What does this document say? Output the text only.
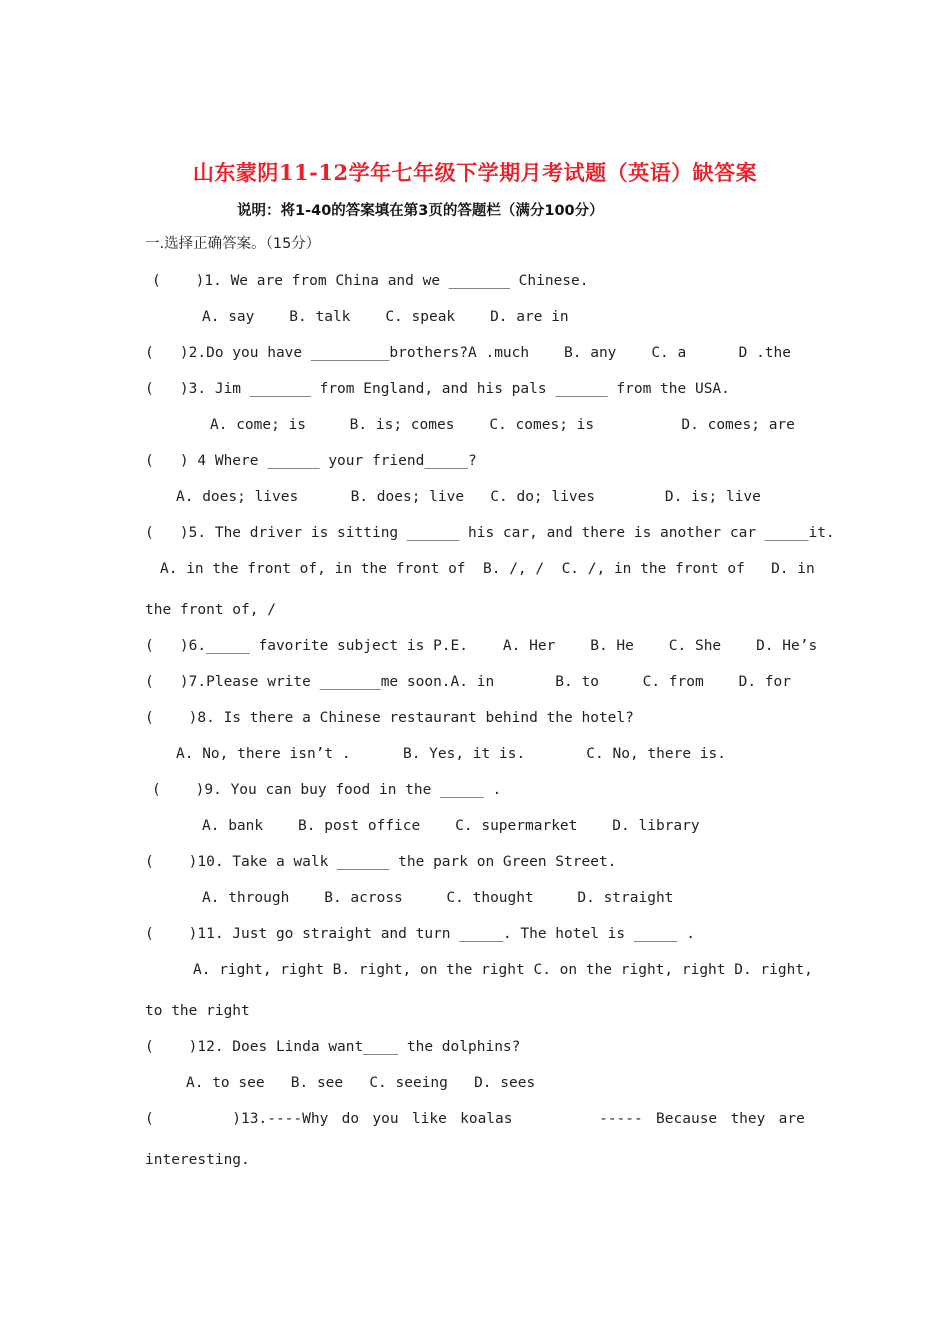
山东蒙阴11-12学年七年级下学期月考试题（英语）缺答案
说明：将1-40的答案填在第3页的答题栏（满分100分）
一.选择正确答案。（15分）
(    )1. We are from China and we _______ Chinese.
A. say    B. talk    C. speak    D. are in
(   )2.Do you have _________brothers?A .much    B. any    C. a      D .the
(   )3. Jim _______ from England, and his pals ______ from the USA.
A. come; is     B. is; comes    C. comes; is          D. comes; are
(   ) 4 Where ______ your friend_____?
A. does; lives      B. does; live   C. do; lives        D. is; live
(   )5. The driver is sitting ______ his car, and there is another car _____it.
A. in the front of, in the front of  B. /, /  C. /, in the front of   D. in
the front of, /
(   )6._____ favorite subject is P.E.    A. Her    B. He    C. She    D. He’s
(   )7.Please write _______me soon.A. in       B. to     C. from    D. for
(    )8. Is there a Chinese restaurant behind the hotel?
A. No, there isn’t .      B. Yes, it is.       C. No, there is.
(    )9. You can buy food in the _____ .
A. bank    B. post office    C. supermarket    D. library
(    )10. Take a walk ______ the park on Green Street.
A. through    B. across     C. thought     D. straight
(    )11. Just go straight and turn _____. The hotel is _____ .
A. right, right B. right, on the right C. on the right, right D. right,
to the right
(    )12. Does Linda want____ the dolphins?
A. to see   B. see   C. seeing   D. sees
(         )13.----Why do you like koalas	----- Because they are
interesting.
